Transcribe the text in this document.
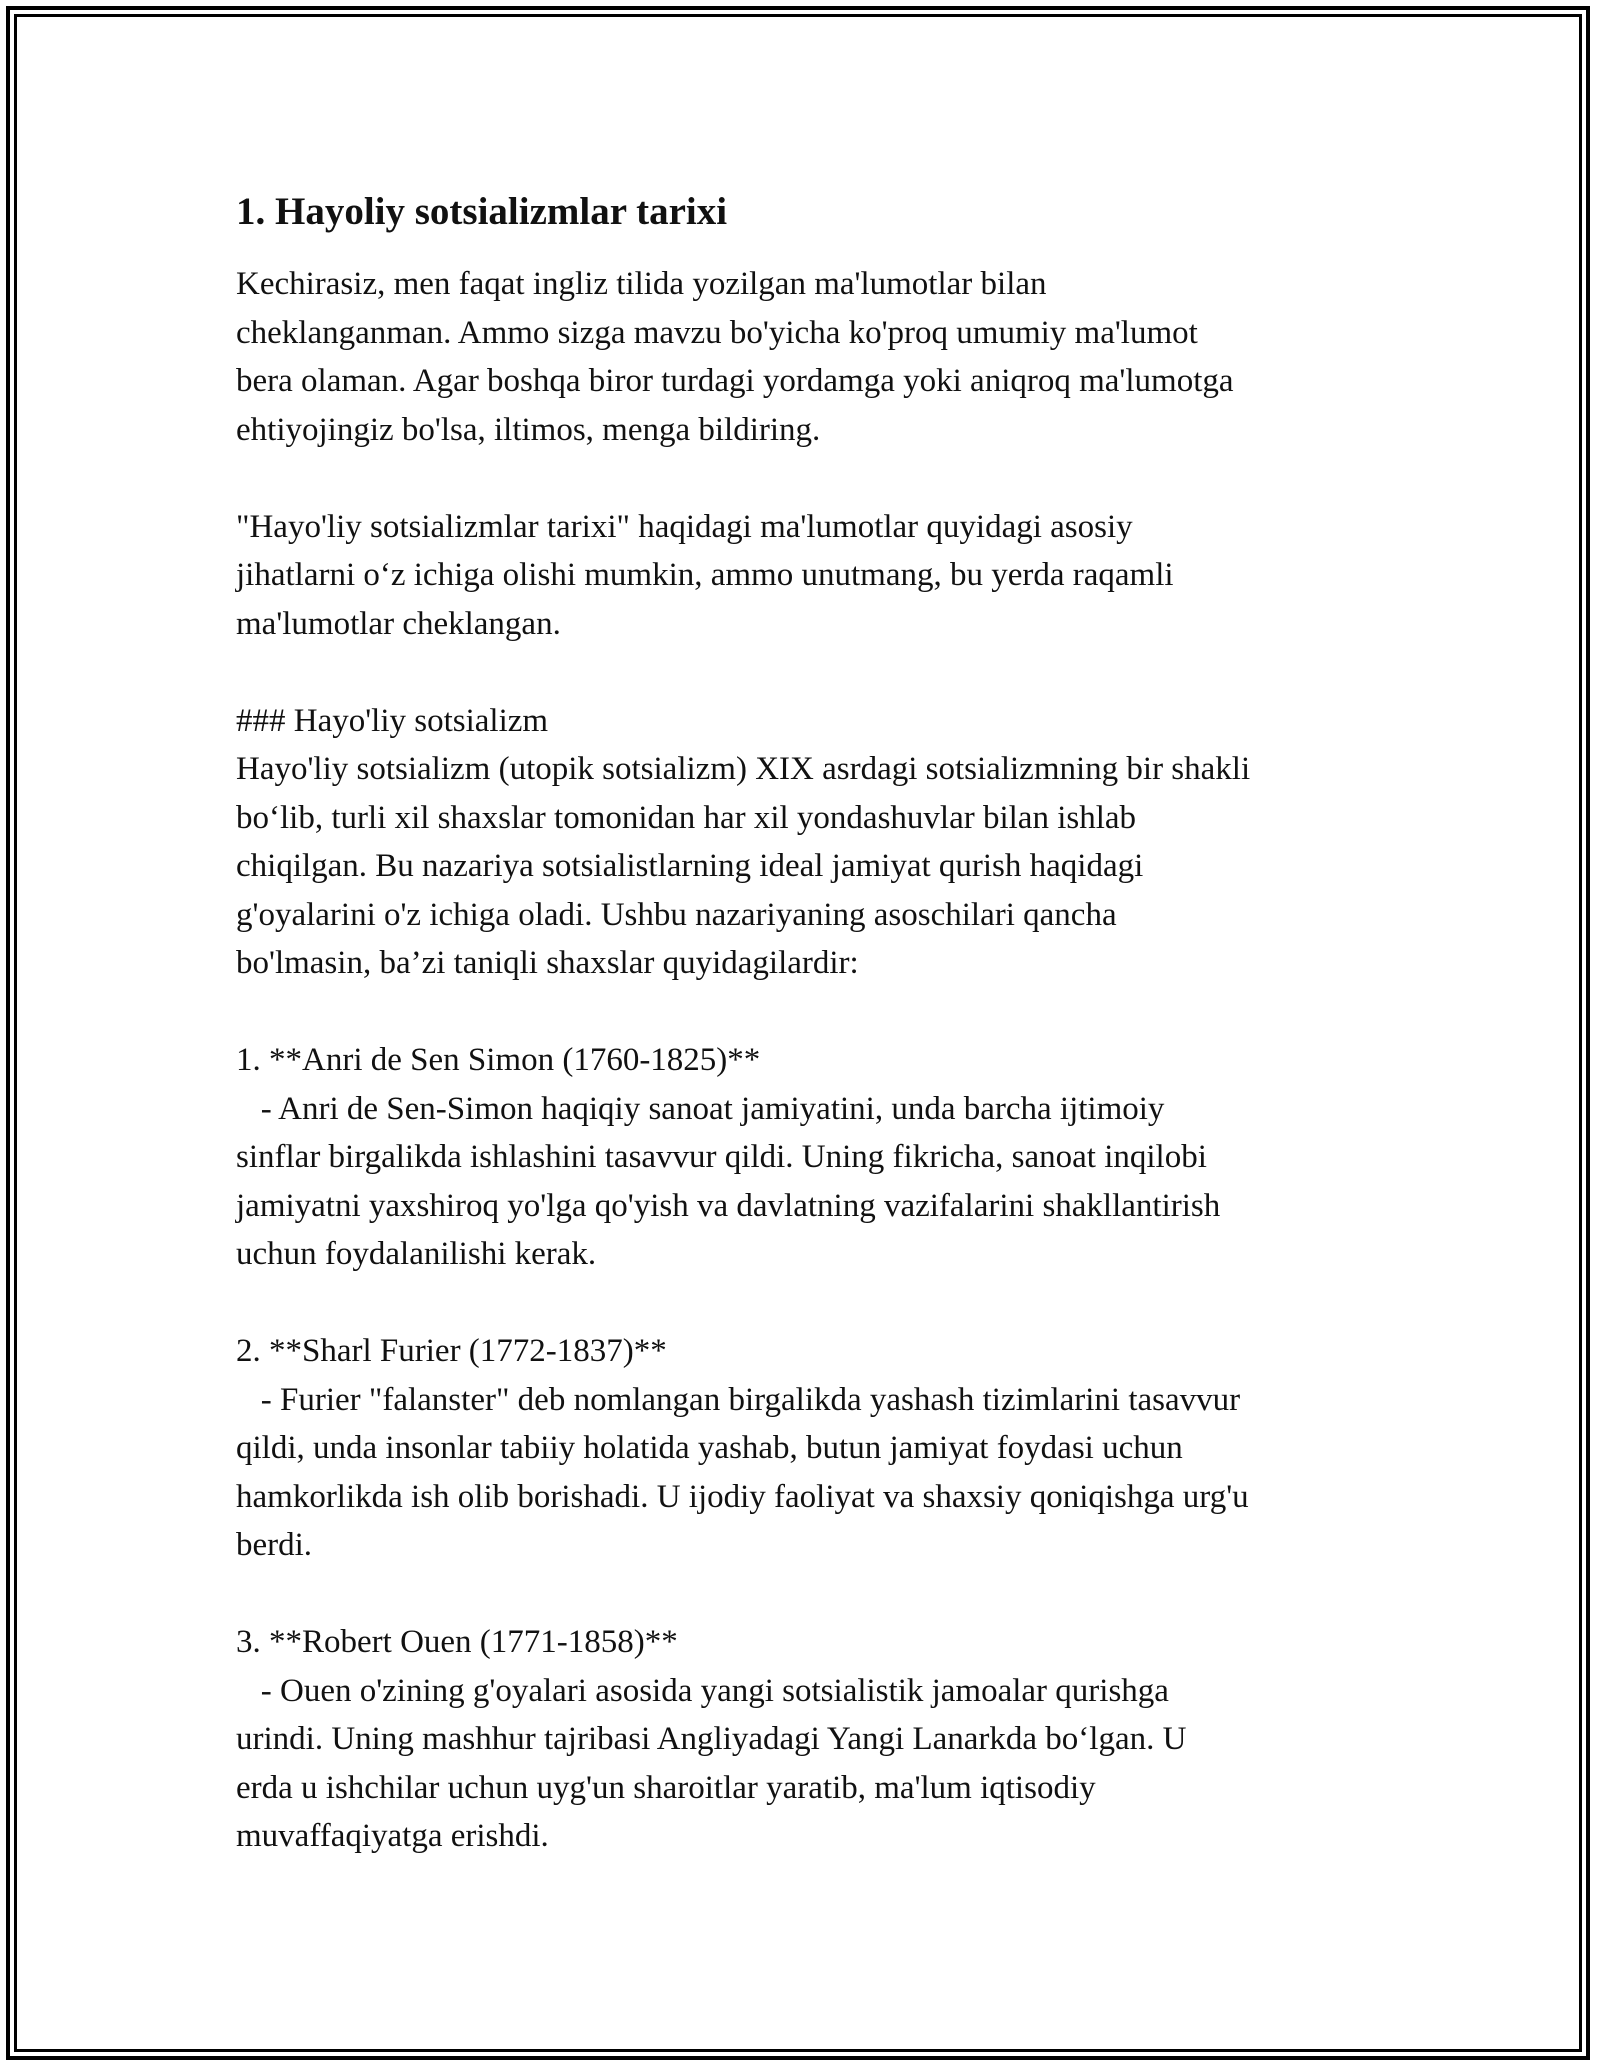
1. Hayoliy sotsializmlar tarixi
Kechirasiz, men faqat ingliz tilida yozilgan ma'lumotlar bilan
cheklanganman. Ammo sizga mavzu bo'yicha ko'proq umumiy ma'lumot
bera olaman. Agar boshqa biror turdagi yordamga yoki aniqroq ma'lumotga
ehtiyojingiz bo'lsa, iltimos, menga bildiring.
"Hayo'liy sotsializmlar tarixi" haqidagi ma'lumotlar quyidagi asosiy
jihatlarni o‘z ichiga olishi mumkin, ammo unutmang, bu yerda raqamli
ma'lumotlar cheklangan.
### Hayo'liy sotsializm
Hayo'liy sotsializm (utopik sotsializm) XIX asrdagi sotsializmning bir shakli
bo‘lib, turli xil shaxslar tomonidan har xil yondashuvlar bilan ishlab
chiqilgan. Bu nazariya sotsialistlarning ideal jamiyat qurish haqidagi
g'oyalarini o'z ichiga oladi. Ushbu nazariyaning asoschilari qancha
bo'lmasin, ba’zi taniqli shaxslar quyidagilardir:
1. **Anri de Sen Simon (1760-1825)**
- Anri de Sen-Simon haqiqiy sanoat jamiyatini, unda barcha ijtimoiy
sinflar birgalikda ishlashini tasavvur qildi. Uning fikricha, sanoat inqilobi
jamiyatni yaxshiroq yo'lga qo'yish va davlatning vazifalarini shakllantirish
uchun foydalanilishi kerak.
2. **Sharl Furier (1772-1837)**
- Furier "falanster" deb nomlangan birgalikda yashash tizimlarini tasavvur
qildi, unda insonlar tabiiy holatida yashab, butun jamiyat foydasi uchun
hamkorlikda ish olib borishadi. U ijodiy faoliyat va shaxsiy qoniqishga urg'u
berdi.
3. **Robert Ouen (1771-1858)**
- Ouen o'zining g'oyalari asosida yangi sotsialistik jamoalar qurishga
urindi. Uning mashhur tajribasi Angliyadagi Yangi Lanarkda bo‘lgan. U
erda u ishchilar uchun uyg'un sharoitlar yaratib, ma'lum iqtisodiy
muvaffaqiyatga erishdi.
